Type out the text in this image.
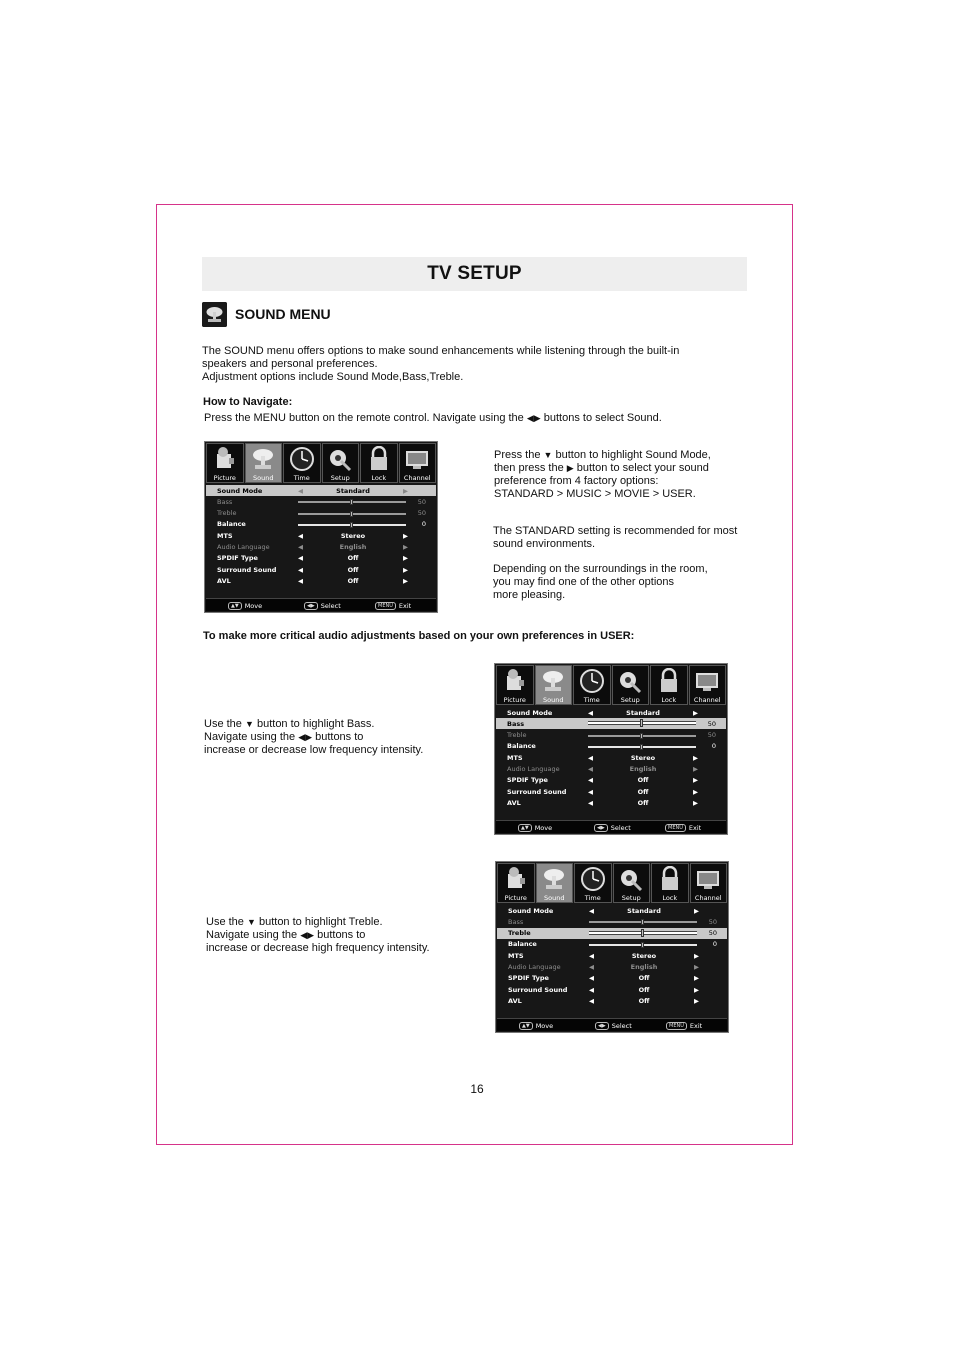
TV SETUP
SOUND MENU
The SOUND menu offers options to make sound enhancements while listening through the built-in
speakers and personal preferences.
Adjustment options include Sound Mode,Bass,Treble.
How to Navigate:
Press the MENU button on the remote control. Navigate using the ◀▶ buttons to select Sound.
Picture	Sound	Time	Setup	Lock	Channel
Sound Mode	◀	Standard	▶
Bass	50
Treble	50
Balance	0
MTS	◀	Stereo	▶
Audio Language	◀	English	▶
SPDIF Type	◀	Off	▶
Surround Sound	◀	Off	▶
AVL	◀	Off	▶
▲▼ Move	◀▶ Select	MENU Exit
Press the ▼ button to highlight Sound Mode,
then press the ▶ button to select your sound
preference from 4 factory options:
STANDARD > MUSIC > MOVIE > USER.
The STANDARD setting is recommended for most
sound environments.
Depending on the surroundings in the room,
you may find one of the other options
more pleasing.
To make more critical audio adjustments based on your own preferences in USER:
Use the ▼ button to highlight Bass.
Navigate using the ◀▶ buttons to
increase or decrease low frequency intensity.
Picture	Sound	Time	Setup	Lock	Channel
Sound Mode	◀	Standard	▶
Bass	50
Treble	50
Balance	0
MTS	◀	Stereo	▶
Audio Language	◀	English	▶
SPDIF Type	◀	Off	▶
Surround Sound	◀	Off	▶
AVL	◀	Off	▶
▲▼ Move	◀▶ Select	MENU Exit
Use the ▼ button to highlight Treble.
Navigate using the ◀▶ buttons to
increase or decrease high frequency intensity.
Picture	Sound	Time	Setup	Lock	Channel
Sound Mode	◀	Standard	▶
Bass	50
Treble	50
Balance	0
MTS	◀	Stereo	▶
Audio Language	◀	English	▶
SPDIF Type	◀	Off	▶
Surround Sound	◀	Off	▶
AVL	◀	Off	▶
▲▼ Move	◀▶ Select	MENU Exit
16
